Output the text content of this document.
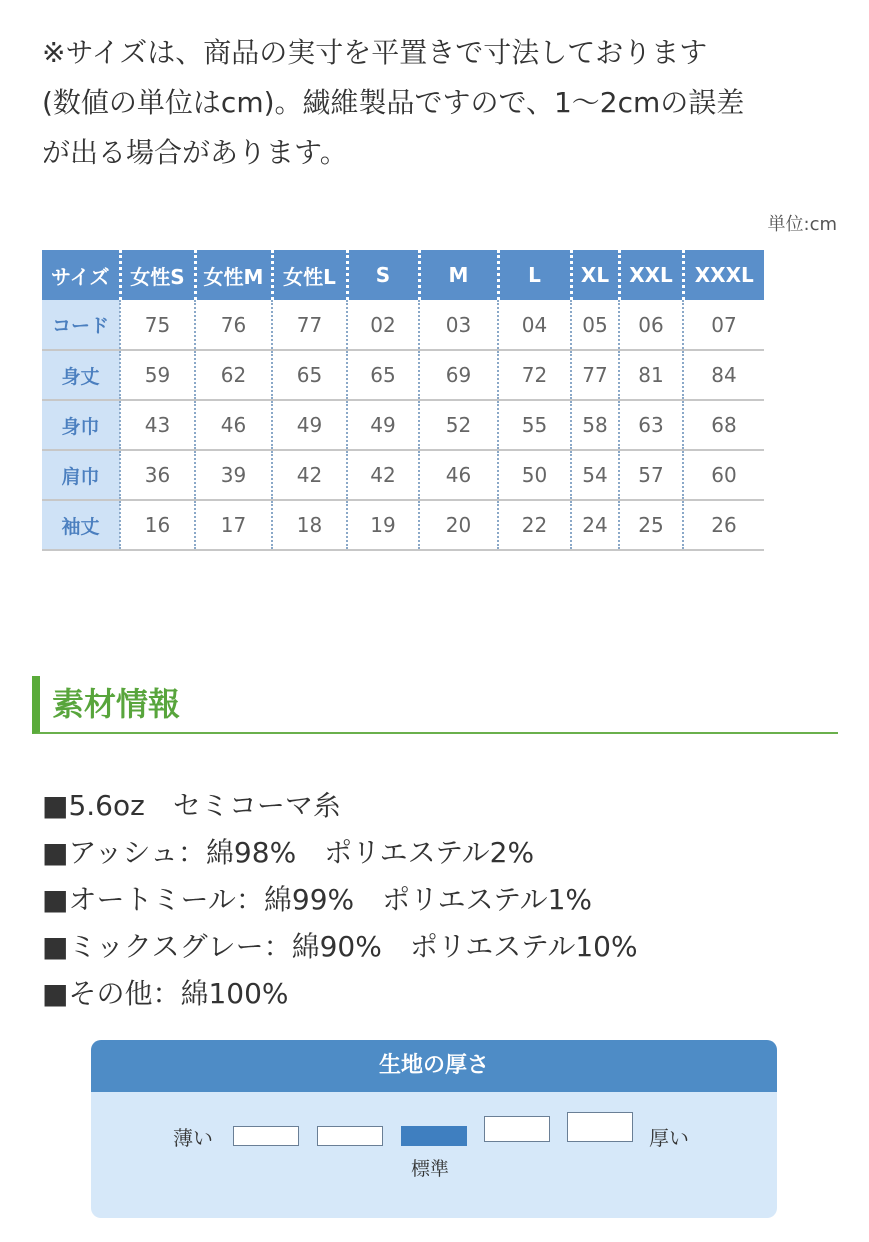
※サイズは、商品の実寸を平置きで寸法しております

(数値の単位はcm)。繊維製品ですので、1〜2cmの誤差

が出る場合があります。

単位:cm
サイズ	女性S	女性M	女性L	S	M	L	XL	XXL	XXXL
コード	75	76	77	02	03	04	05	06	07
身丈	59	62	65	65	69	72	77	81	84
身巾	43	46	49	49	52	55	58	63	68
肩巾	36	39	42	42	46	50	54	57	60
袖丈	16	17	18	19	20	22	24	25	26
素材情報
■5.6oz　セミコーマ糸
■アッシュ：綿98%　ポリエステル2%
■オートミール：綿99%　ポリエステル1%
■ミックスグレー：綿90%　ポリエステル10%
■その他：綿100%
生地の厚さ
薄い	厚い
標準
